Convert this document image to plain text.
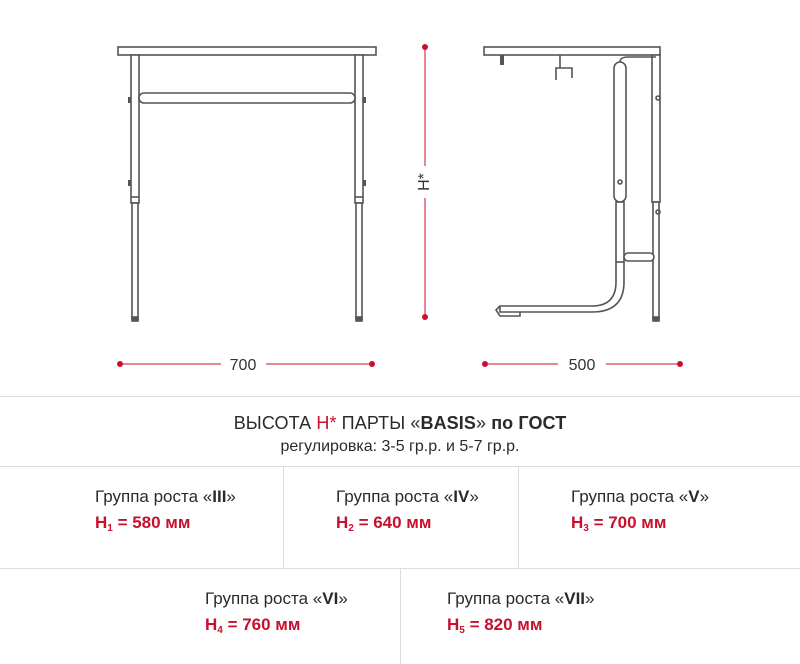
H*
700	500
ВЫСОТА H* ПАРТЫ «BASIS» по ГОСТ
регулировка: 3-5 гр.р. и 5-7 гр.р.
Группа роста «III»
$H_1 = 580$ мм
Группа роста «IV»
$H_2 = 640$ мм
Группа роста «V»
$H_3 = 700$ мм
Группа роста «VI»
$H_4 = 760$ мм
Группа роста «VII»
$H_5 = 820$ мм
